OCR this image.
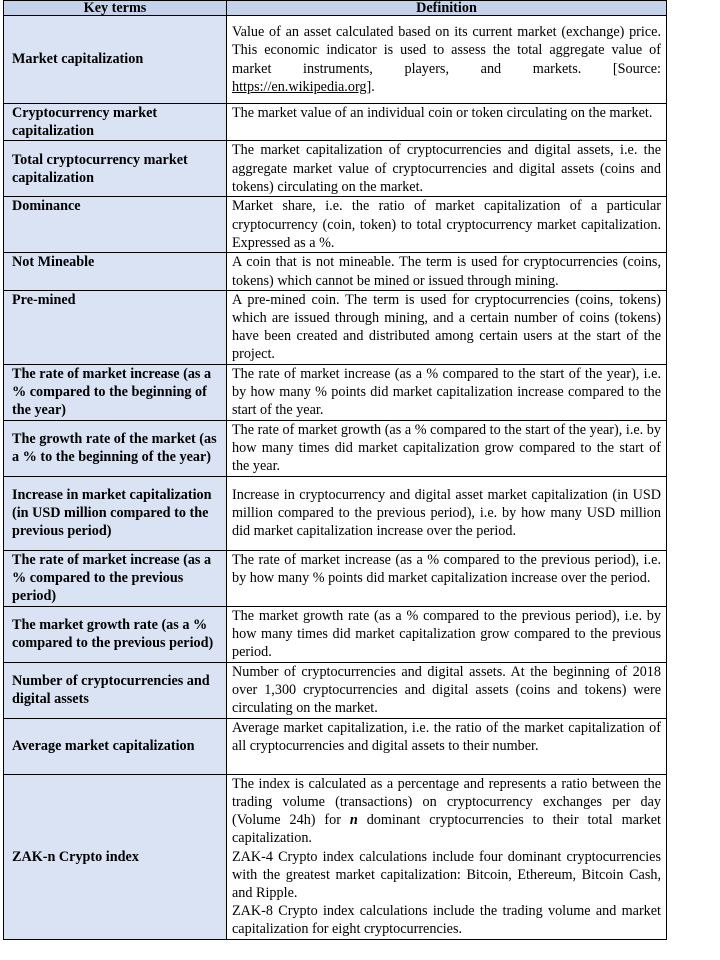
Key terms	Definition
Market capitalization	Value of an asset calculated based on its current market (exchange) price. This economic indicator is used to assess the total aggregate value of market instruments, players, and markets. [Source: https://en.wikipedia.org].
Cryptocurrency market capitalization	The market value of an individual coin or token circulating on the market.
Total cryptocurrency market capitalization	The market capitalization of cryptocurrencies and digital assets, i.e. the aggregate market value of cryptocurrencies and digital assets (coins and tokens) circulating on the market.
Dominance	Market share, i.e. the ratio of market capitalization of a particular cryptocurrency (coin, token) to total cryptocurrency market capitalization. Expressed as a %.
Not Mineable	A coin that is not mineable. The term is used for cryptocurrencies (coins, tokens) which cannot be mined or issued through mining.
Pre-mined	A pre-mined coin. The term is used for cryptocurrencies (coins, tokens) which are issued through mining, and a certain number of coins (tokens) have been created and distributed among certain users at the start of the project.
The rate of market increase (as a % compared to the beginning of the year)	The rate of market increase (as a % compared to the start of the year), i.e. by how many % points did market capitalization increase compared to the start of the year.
The growth rate of the market (as a % to the beginning of the year)	The rate of market growth (as a % compared to the start of the year), i.e. by how many times did market capitalization grow compared to the start of the year.
Increase in market capitalization (in USD million compared to the previous period)	Increase in cryptocurrency and digital asset market capitalization (in USD million compared to the previous period), i.e. by how many USD million did market capitalization increase over the period.
The rate of market increase (as a % compared to the previous period)	The rate of market increase (as a % compared to the previous period), i.e. by how many % points did market capitalization increase over the period.
The market growth rate (as a % compared to the previous period)	The market growth rate (as a % compared to the previous period), i.e. by how many times did market capitalization grow compared to the previous period.
Number of cryptocurrencies and digital assets	Number of cryptocurrencies and digital assets. At the beginning of 2018 over 1,300 cryptocurrencies and digital assets (coins and tokens) were circulating on the market.
Average market capitalization	Average market capitalization, i.e. the ratio of the market capitalization of all cryptocurrencies and digital assets to their number.
ZAK-n Crypto index	The index is calculated as a percentage and represents a ratio between the trading volume (transactions) on cryptocurrency exchanges per day (Volume 24h) for n dominant cryptocurrencies to their total market capitalization.

ZAK-4 Crypto index calculations include four dominant cryptocurrencies with the greatest market capitalization: Bitcoin, Ethereum, Bitcoin Cash, and Ripple.

ZAK-8 Crypto index calculations include the trading volume and market capitalization for eight cryptocurrencies.
